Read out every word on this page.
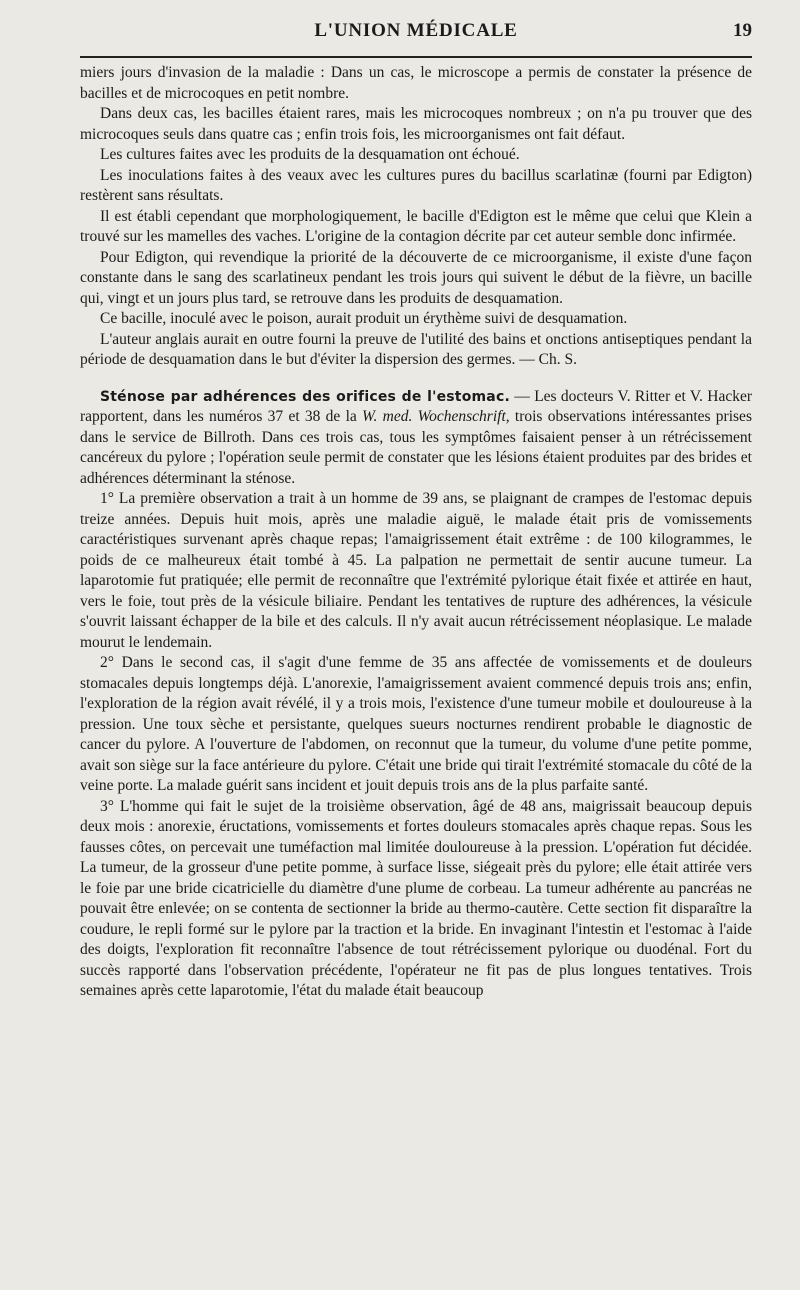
L'UNION MÉDICALE	19

miers jours d'invasion de la maladie : Dans un cas, le microscope a permis de constater la présence de bacilles et de microcoques en petit nombre.

Dans deux cas, les bacilles étaient rares, mais les microcoques nombreux ; on n'a pu trouver que des microcoques seuls dans quatre cas ; enfin trois fois, les microorganismes ont fait défaut.

Les cultures faites avec les produits de la desquamation ont échoué.

Les inoculations faites à des veaux avec les cultures pures du bacillus scarlatinæ (fourni par Edigton) restèrent sans résultats.

Il est établi cependant que morphologiquement, le bacille d'Edigton est le même que celui que Klein a trouvé sur les mamelles des vaches. L'origine de la contagion décrite par cet auteur semble donc infirmée.

Pour Edigton, qui revendique la priorité de la découverte de ce microorganisme, il existe d'une façon constante dans le sang des scarlatineux pendant les trois jours qui suivent le début de la fièvre, un bacille qui, vingt et un jours plus tard, se retrouve dans les produits de desquamation.

Ce bacille, inoculé avec le poison, aurait produit un érythème suivi de desquamation.

L'auteur anglais aurait en outre fourni la preuve de l'utilité des bains et onctions antiseptiques pendant la période de desquamation dans le but d'éviter la dispersion des germes. — Ch. S.

Sténose par adhérences des orifices de l'estomac. — Les docteurs V. Ritter et V. Hacker rapportent, dans les numéros 37 et 38 de la W. med. Wochenschrift, trois observations intéressantes prises dans le service de Billroth. Dans ces trois cas, tous les symptômes faisaient penser à un rétrécissement cancéreux du pylore ; l'opération seule permit de constater que les lésions étaient produites par des brides et adhérences déterminant la sténose.

1° La première observation a trait à un homme de 39 ans, se plaignant de crampes de l'estomac depuis treize années. Depuis huit mois, après une maladie aiguë, le malade était pris de vomissements caractéristiques survenant après chaque repas; l'amaigrissement était extrême : de 100 kilogrammes, le poids de ce malheureux était tombé à 45. La palpation ne permettait de sentir aucune tumeur. La laparotomie fut pratiquée; elle permit de reconnaître que l'extrémité pylorique était fixée et attirée en haut, vers le foie, tout près de la vésicule biliaire. Pendant les tentatives de rupture des adhérences, la vésicule s'ouvrit laissant échapper de la bile et des calculs. Il n'y avait aucun rétrécissement néoplasique. Le malade mourut le lendemain.

2° Dans le second cas, il s'agit d'une femme de 35 ans affectée de vomissements et de douleurs stomacales depuis longtemps déjà. L'anorexie, l'amaigrissement avaient commencé depuis trois ans; enfin, l'exploration de la région avait révélé, il y a trois mois, l'existence d'une tumeur mobile et douloureuse à la pression. Une toux sèche et persistante, quelques sueurs nocturnes rendirent probable le diagnostic de cancer du pylore. A l'ouverture de l'abdomen, on reconnut que la tumeur, du volume d'une petite pomme, avait son siège sur la face antérieure du pylore. C'était une bride qui tirait l'extrémité stomacale du côté de la veine porte. La malade guérit sans incident et jouit depuis trois ans de la plus parfaite santé.

3° L'homme qui fait le sujet de la troisième observation, âgé de 48 ans, maigrissait beaucoup depuis deux mois : anorexie, éructations, vomissements et fortes douleurs stomacales après chaque repas. Sous les fausses côtes, on percevait une tuméfaction mal limitée douloureuse à la pression. L'opération fut décidée. La tumeur, de la grosseur d'une petite pomme, à surface lisse, siégeait près du pylore; elle était attirée vers le foie par une bride cicatricielle du diamètre d'une plume de corbeau. La tumeur adhérente au pancréas ne pouvait être enlevée; on se contenta de sectionner la bride au thermo-cautère. Cette section fit disparaître la coudure, le repli formé sur le pylore par la traction et la bride. En invaginant l'intestin et l'estomac à l'aide des doigts, l'exploration fit reconnaître l'absence de tout rétrécissement pylorique ou duodénal. Fort du succès rapporté dans l'observation précédente, l'opérateur ne fit pas de plus longues tentatives. Trois semaines après cette laparotomie, l'état du malade était beaucoup
